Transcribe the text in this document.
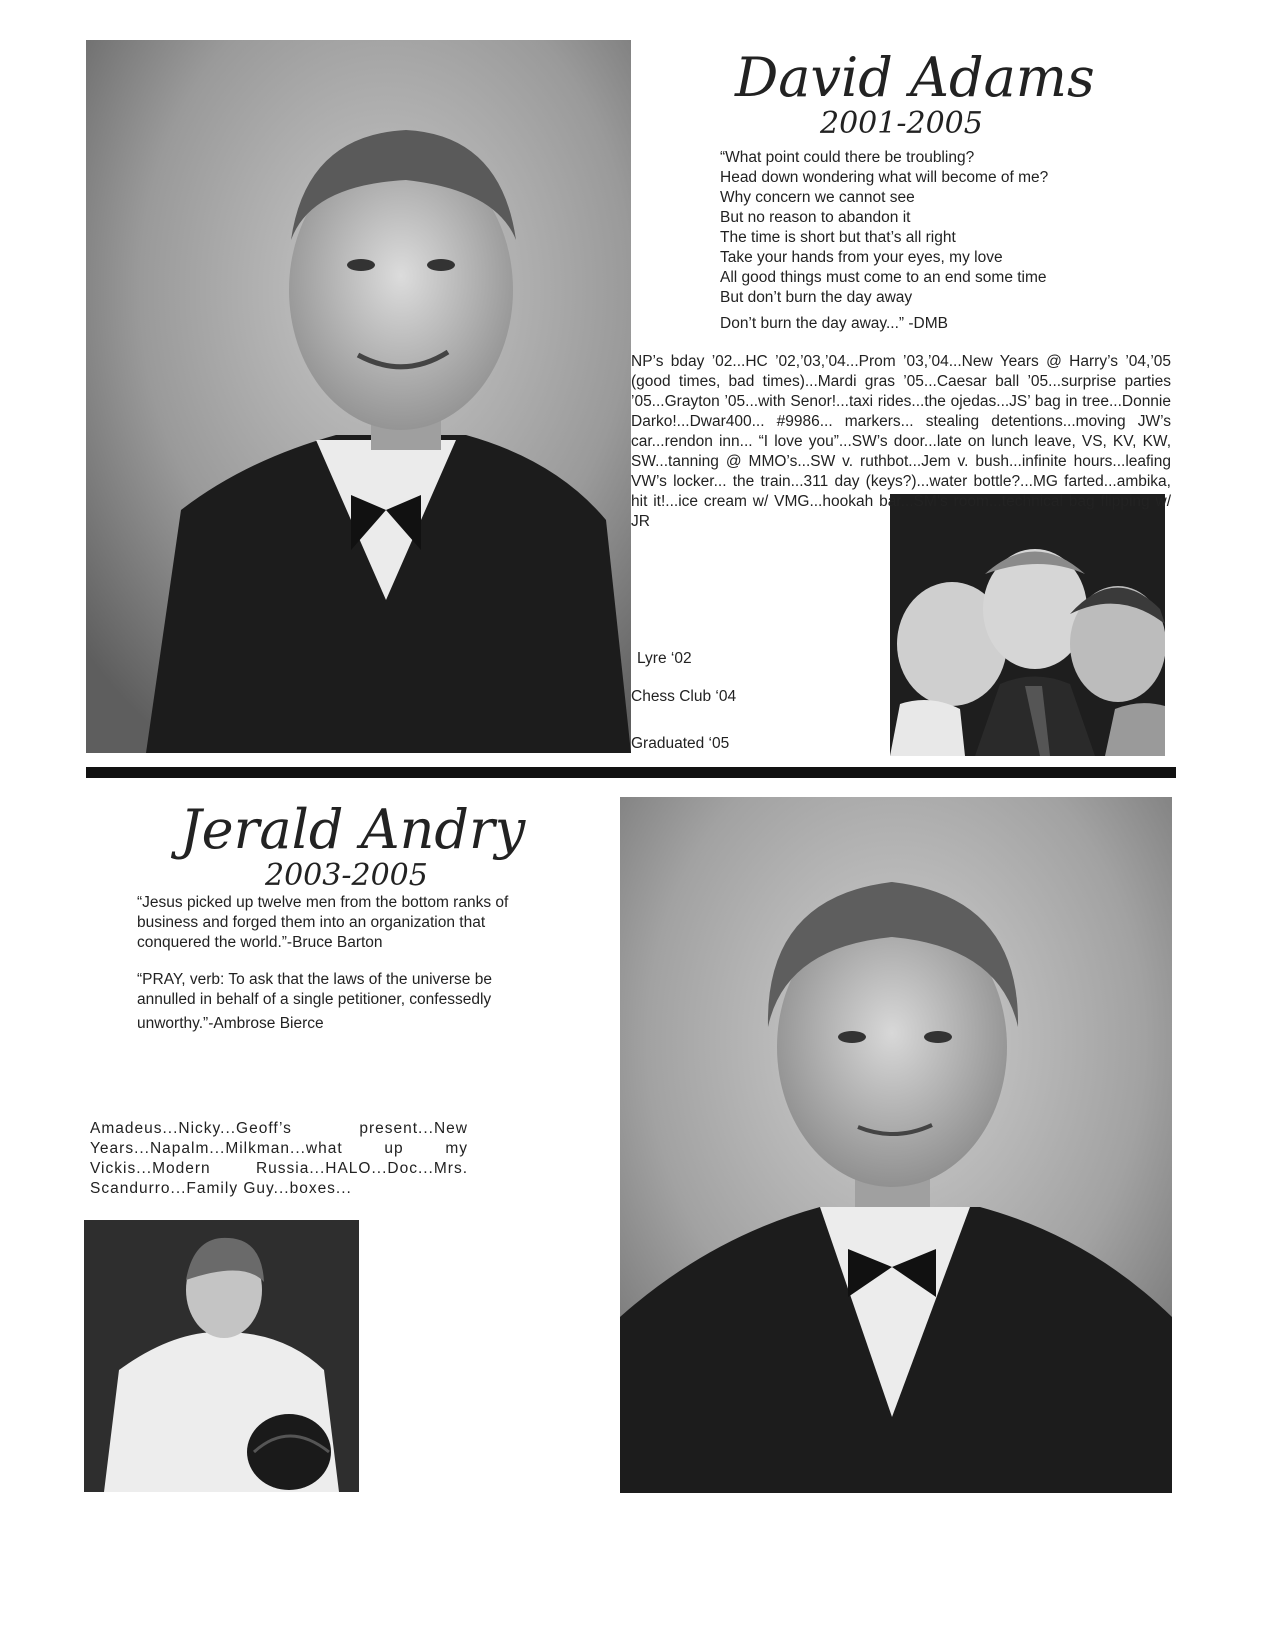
David Adams
2001-2005
“What point could there be troubling?
Head down wondering what will become of me?
Why concern we cannot see
But no reason to abandon it
The time is short but that’s all right
Take your hands from your eyes, my love
All good things must come to an end some time
But don’t burn the day away
Don’t burn the day away...” -DMB
NP’s bday ’02...HC ’02,’03,’04...Prom ’03,’04...New Years @ Harry’s ’04,’05 (good times, bad times)...Mardi gras ’05...Caesar ball ’05...surprise parties ’05...Grayton ’05...with Senor!...taxi rides...the ojedas...JS’ bag in tree...Donnie Darko!...Dwar400... #9986... markers... stealing detentions...moving JW’s car...rendon inn... “I love you”...SW’s door...late on lunch leave, VS, KV, KW, SW...tanning @ MMO’s...SW v. ruthbot...Jem v. bush...infinite hours...leafing VW’s locker... the train...311 day (keys?)...water bottle?...MG farted...ambika, hit it!...ice cream w/ VMG...hookah bar...SM’s room...technical bag flipping w/ JR
Lyre ‘02
Chess Club ‘04
Graduated ‘05
Jerald Andry
2003-2005
“Jesus picked up twelve men from the bottom ranks of
business and forged them into an organization that
conquered the world.”-Bruce Barton
“PRAY, verb: To ask that the laws of the universe be
annulled in behalf of a single petitioner, confessedly
unworthy.”-Ambrose Bierce
Amadeus...Nicky...Geoff’s present...New Years...Napalm...Milkman...what up my Vickis...Modern Russia...HALO...Doc...Mrs. Scandurro...Family Guy...boxes...
